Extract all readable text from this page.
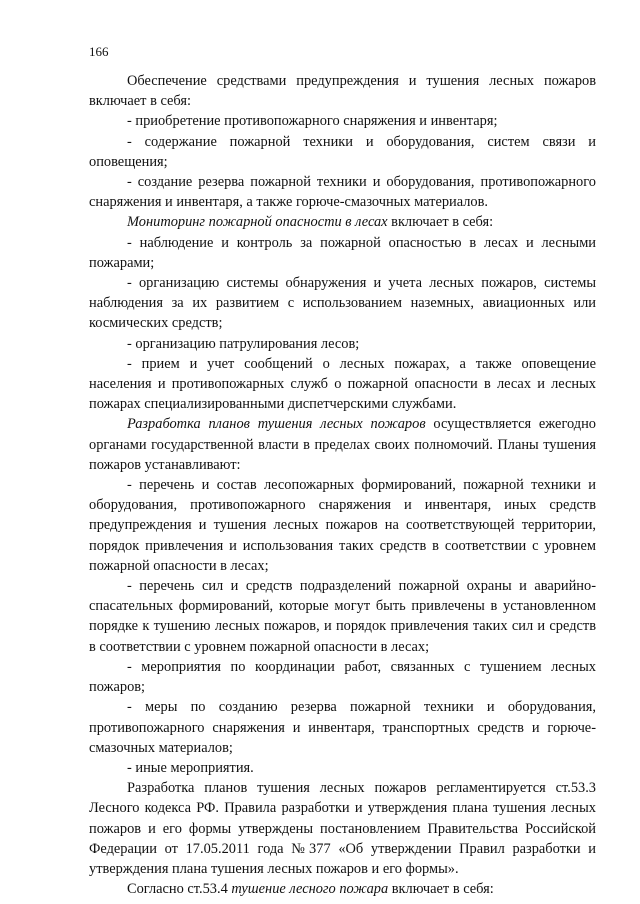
166

Обеспечение средствами предупреждения и тушения лесных пожаров включает в себя:

- приобретение противопожарного снаряжения и инвентаря;

- содержание пожарной техники и оборудования, систем связи и оповещения;

- создание резерва пожарной техники и оборудования, противопожарного снаряжения и инвентаря, а также горюче-смазочных материалов.

Мониторинг пожарной опасности в лесах включает в себя:

- наблюдение и контроль за пожарной опасностью в лесах и лесными пожарами;

- организацию системы обнаружения и учета лесных пожаров, системы наблюдения за их развитием с использованием наземных, авиационных или космических средств;

- организацию патрулирования лесов;

- прием и учет сообщений о лесных пожарах, а также оповещение населения и противопожарных служб о пожарной опасности в лесах и лесных пожарах специализированными диспетчерскими службами.

Разработка планов тушения лесных пожаров осуществляется ежегодно органами государственной власти в пределах своих полномочий. Планы тушения пожаров устанавливают:

- перечень и состав лесопожарных формирований, пожарной техники и оборудования, противопожарного снаряжения и инвентаря, иных средств предупреждения и тушения лесных пожаров на соответствующей территории, порядок привлечения и использования таких средств в соответствии с уровнем пожарной опасности в лесах;

- перечень сил и средств подразделений пожарной охраны и аварийно-спасательных формирований, которые могут быть привлечены в установленном порядке к тушению лесных пожаров, и порядок привлечения таких сил и средств в соответствии с уровнем пожарной опасности в лесах;

- мероприятия по координации работ, связанных с тушением лесных пожаров;

- меры по созданию резерва пожарной техники и оборудования, противопожарного снаряжения и инвентаря, транспортных средств и горюче-смазочных материалов;

- иные мероприятия.

Разработка планов тушения лесных пожаров регламентируется ст.53.3 Лесного кодекса РФ. Правила разработки и утверждения плана тушения лесных пожаров и его формы утверждены постановлением Правительства Российской Федерации от 17.05.2011 года №377 «Об утверждении Правил разработки и утверждения плана тушения лесных пожаров и его формы».

Согласно ст.53.4 тушение лесного пожара включает в себя:
